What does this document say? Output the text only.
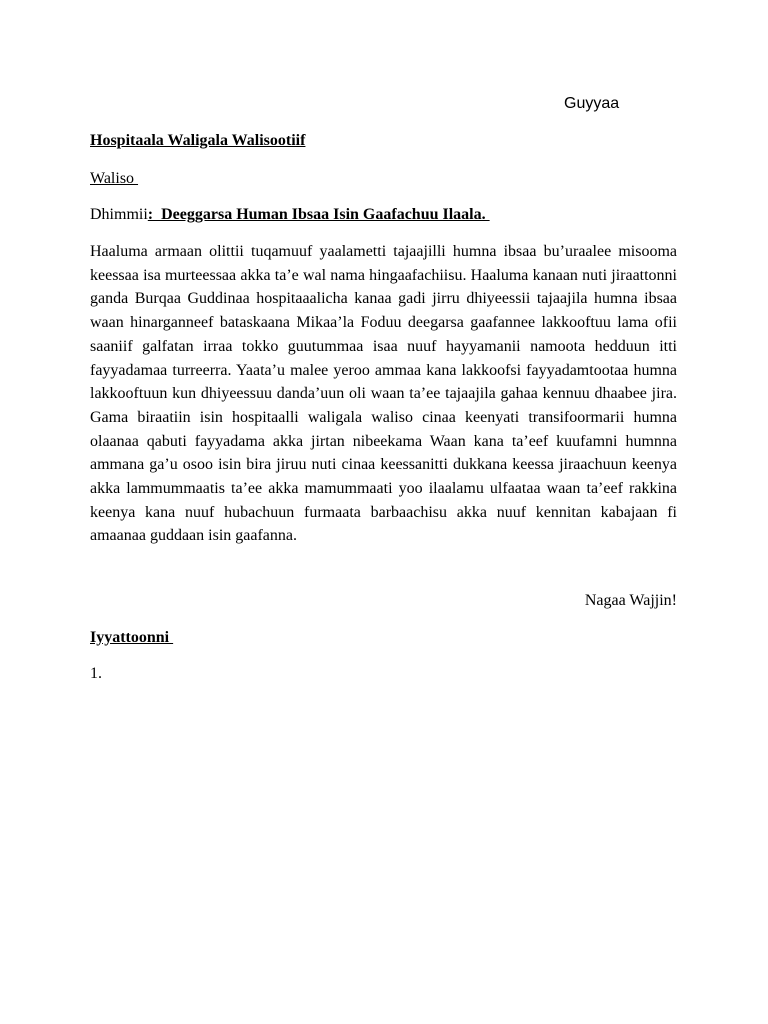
Guyyaa
Hospitaala Waligala Walisootiif
Waliso
Dhimmii:  Deeggarsa Human Ibsaa Isin Gaafachuu Ilaala.

Haaluma armaan olittii tuqamuuf yaalametti tajaajilli humna ibsaa bu’uraalee misooma keessaa isa murteessaa akka ta’e wal nama hingaafachiisu. Haaluma kanaan nuti jiraattonni ganda Burqaa Guddinaa hospitaaalicha kanaa gadi jirru dhiyeessii tajaajila humna ibsaa waan hinarganneef bataskaana Mikaa’la Foduu deegarsa gaafannee lakkooftuu lama ofii saaniif galfatan irraa tokko guutummaa isaa nuuf hayyamanii namoota hedduun itti fayyadamaa turreerra. Yaata’u malee yeroo ammaa kana lakkoofsi fayyadamtootaa humna lakkooftuun kun dhiyeessuu danda’uun oli waan ta’ee tajaajila gahaa kennuu dhaabee jira. Gama biraatiin isin hospitaalli waligala waliso cinaa keenyati transifoormarii humna olaanaa qabuti fayyadama akka jirtan nibeekama Waan kana ta’eef kuufamni humnna ammana ga’u osoo isin bira jiruu nuti cinaa keessanitti dukkana keessa jiraachuun keenya akka lammummaatis ta’ee akka mamummaati yoo ilaalamu ulfaataa waan ta’eef rakkina keenya kana nuuf hubachuun furmaata barbaachisu akka nuuf kennitan kabajaan fi amaanaa guddaan isin gaafanna.

Nagaa Wajjin!
Iyyattoonni
1.
